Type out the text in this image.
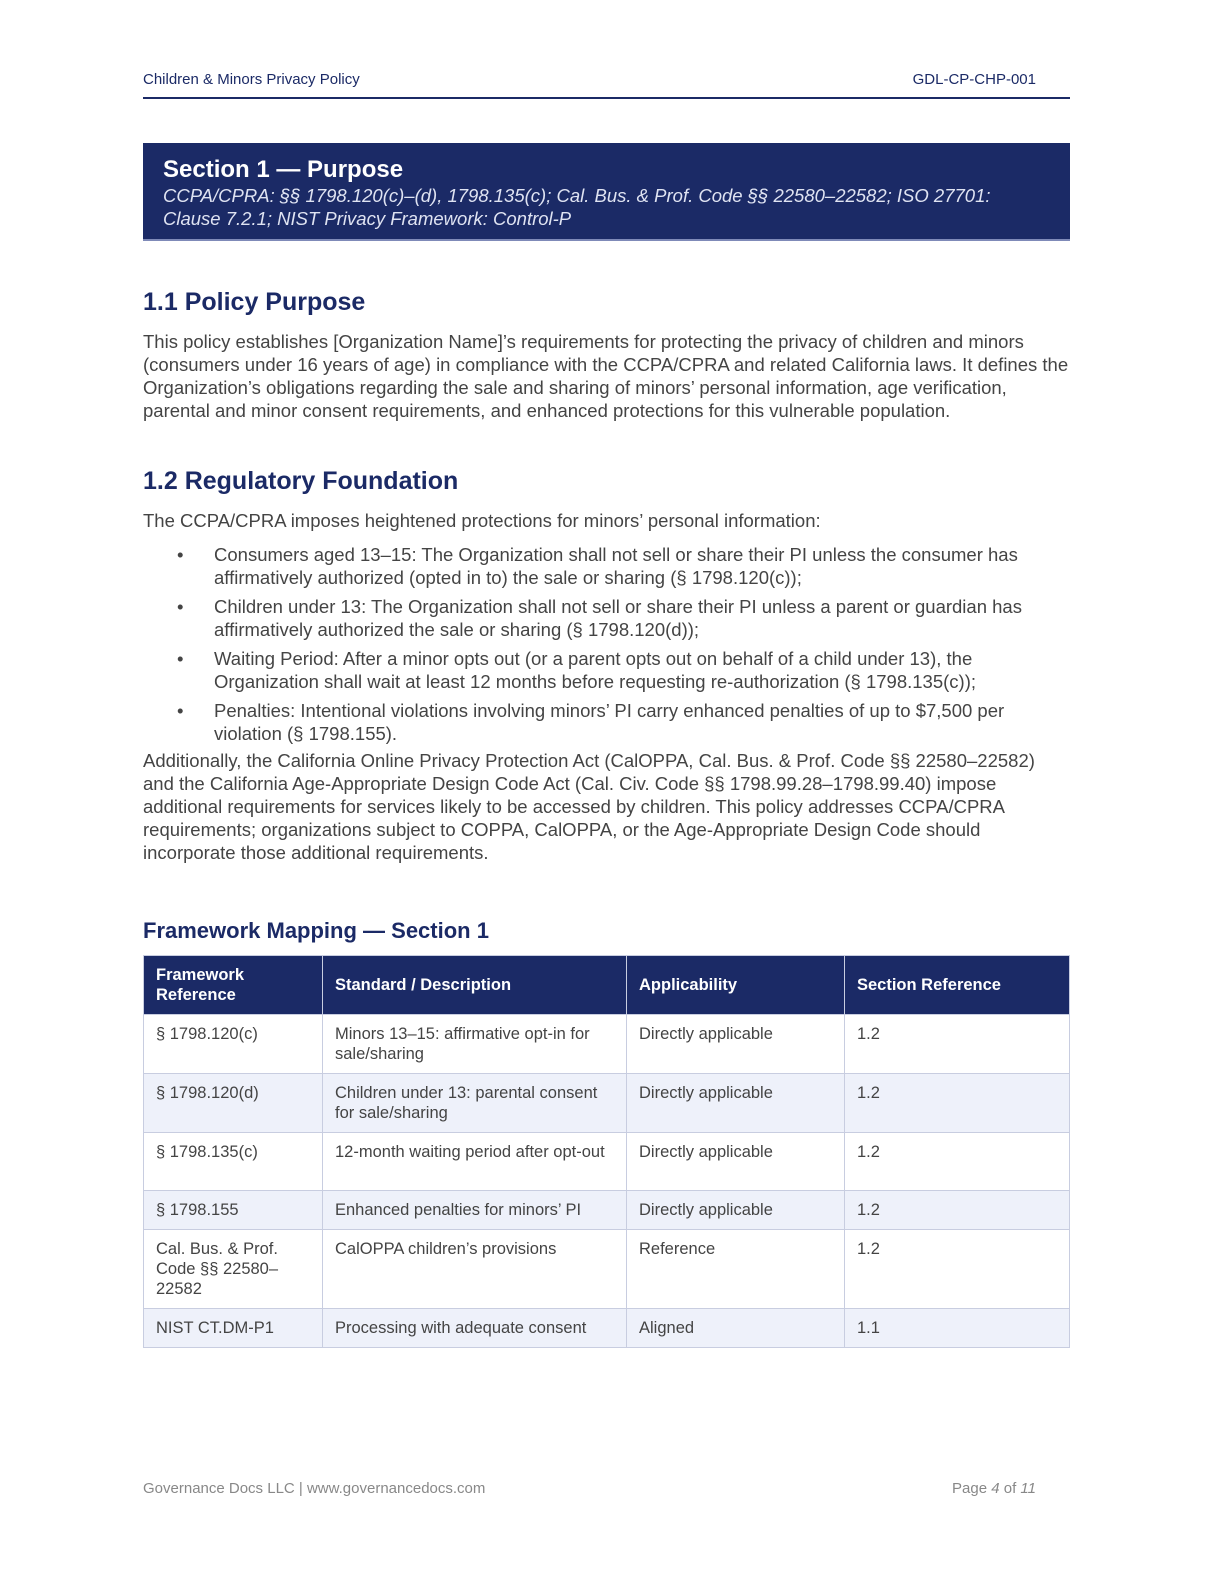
Children & Minors Privacy Policy	GDL-CP-CHP-001
Section 1 — Purpose
CCPA/CPRA: §§ 1798.120(c)–(d), 1798.135(c); Cal. Bus. & Prof. Code §§ 22580–22582; ISO 27701: Clause 7.2.1; NIST Privacy Framework: Control-P
1.1 Policy Purpose

This policy establishes [Organization Name]’s requirements for protecting the privacy of children and minors (consumers under 16 years of age) in compliance with the CCPA/CPRA and related California laws. It defines the Organization’s obligations regarding the sale and sharing of minors’ personal information, age verification, parental and minor consent requirements, and enhanced protections for this vulnerable population.

1.2 Regulatory Foundation

The CCPA/CPRA imposes heightened protections for minors’ personal information:

• Consumers aged 13–15: The Organization shall not sell or share their PI unless the consumer has affirmatively authorized (opted in to) the sale or sharing (§ 1798.120(c));
• Children under 13: The Organization shall not sell or share their PI unless a parent or guardian has affirmatively authorized the sale or sharing (§ 1798.120(d));
• Waiting Period: After a minor opts out (or a parent opts out on behalf of a child under 13), the Organization shall wait at least 12 months before requesting re-authorization (§ 1798.135(c));
• Penalties: Intentional violations involving minors’ PI carry enhanced penalties of up to $7,500 per violation (§ 1798.155).

Additionally, the California Online Privacy Protection Act (CalOPPA, Cal. Bus. & Prof. Code §§ 22580–22582) and the California Age-Appropriate Design Code Act (Cal. Civ. Code §§ 1798.99.28–1798.99.40) impose additional requirements for services likely to be accessed by children. This policy addresses CCPA/CPRA requirements; organizations subject to COPPA, CalOPPA, or the Age-Appropriate Design Code should incorporate those additional requirements.

Framework Mapping — Section 1
Framework Reference	Standard / Description	Applicability	Section Reference
§ 1798.120(c)	Minors 13–15: affirmative opt-in for sale/sharing	Directly applicable	1.2
§ 1798.120(d)	Children under 13: parental consent for sale/sharing	Directly applicable	1.2
§ 1798.135(c)	12-month waiting period after opt-out	Directly applicable	1.2
§ 1798.155	Enhanced penalties for minors’ PI	Directly applicable	1.2
Cal. Bus. & Prof. Code §§ 22580–22582	CalOPPA children’s provisions	Reference	1.2
NIST CT.DM-P1	Processing with adequate consent	Aligned	1.1
Governance Docs LLC | www.governancedocs.com	Page 4 of 11
